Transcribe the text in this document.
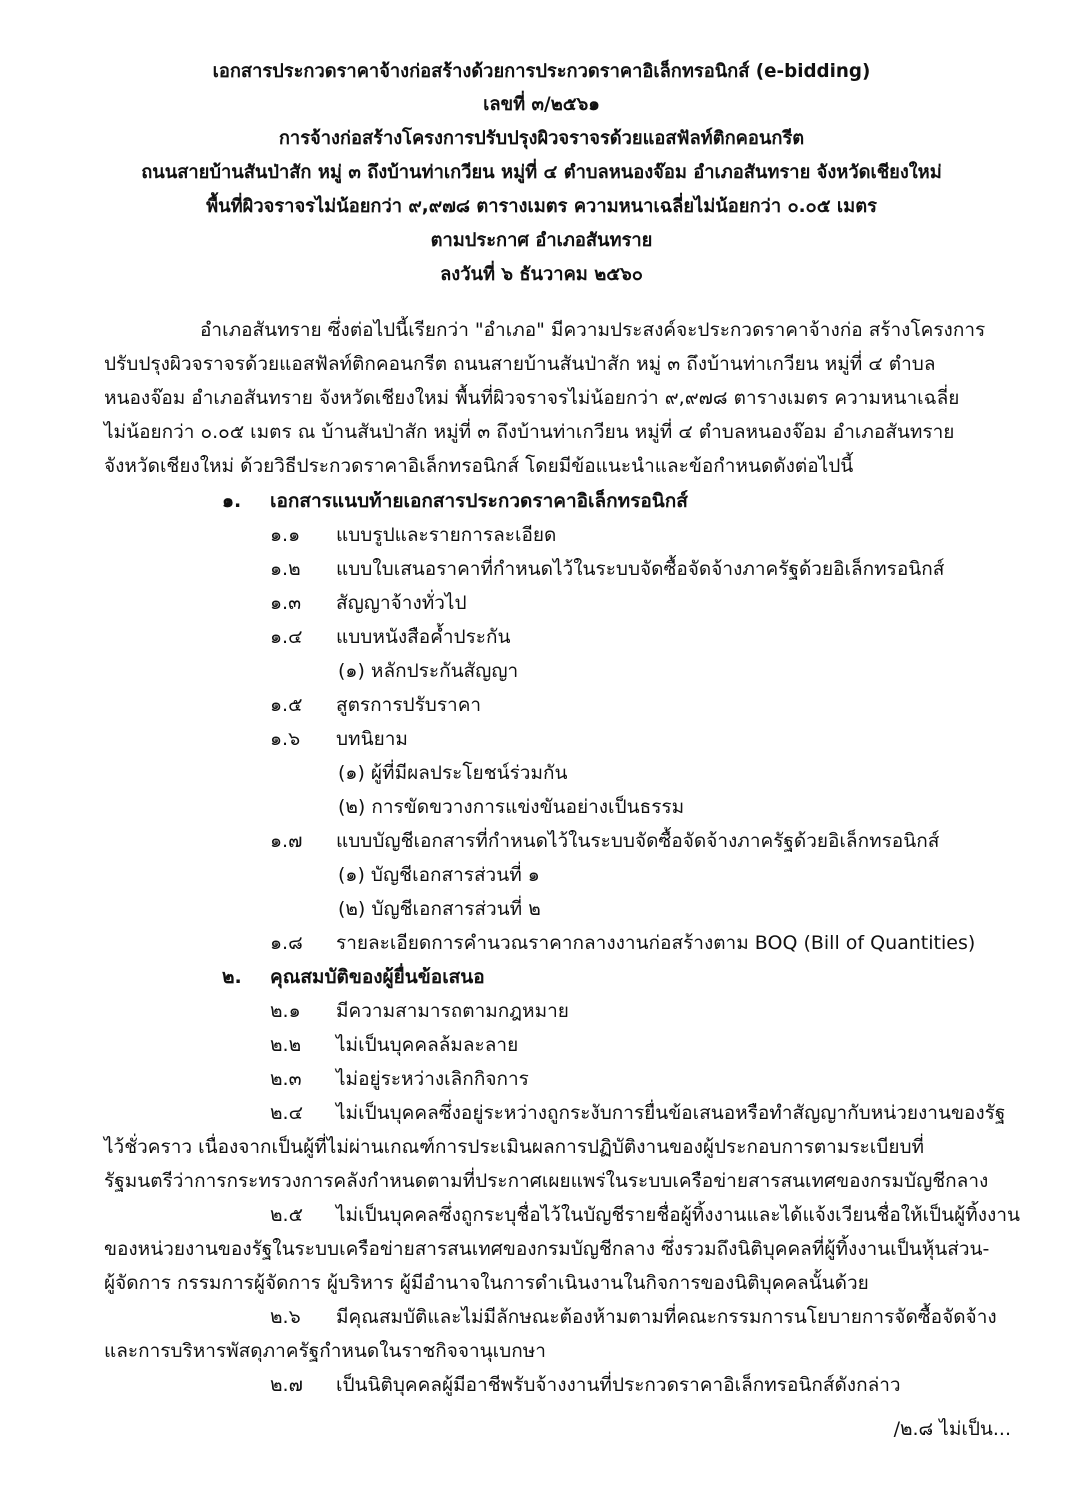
เอกสารประกวดราคาจ้างก่อสร้างด้วยการประกวดราคาอิเล็กทรอนิกส์ (e-bidding)
เลขที่ ๓/๒๕๖๑
การจ้างก่อสร้างโครงการปรับปรุงผิวจราจรด้วยแอสฟัลท์ติกคอนกรีต
ถนนสายบ้านสันป่าสัก หมู่ ๓ ถึงบ้านท่าเกวียน หมู่ที่ ๔ ตำบลหนองจ๊อม อำเภอสันทราย จังหวัดเชียงใหม่
พื้นที่ผิวจราจรไม่น้อยกว่า ๙,๙๗๘ ตารางเมตร ความหนาเฉลี่ยไม่น้อยกว่า ๐.๐๕ เมตร
ตามประกาศ อำเภอสันทราย
ลงวันที่ ๖ ธันวาคม ๒๕๖๐
อำเภอสันทราย ซึ่งต่อไปนี้เรียกว่า "อำเภอ" มีความประสงค์จะประกวดราคาจ้างก่อ สร้างโครงการ
ปรับปรุงผิวจราจรด้วยแอสฟัลท์ติกคอนกรีต ถนนสายบ้านสันป่าสัก หมู่ ๓ ถึงบ้านท่าเกวียน หมู่ที่ ๔ ตำบล
หนองจ๊อม อำเภอสันทราย จังหวัดเชียงใหม่ พื้นที่ผิวจราจรไม่น้อยกว่า ๙,๙๗๘ ตารางเมตร ความหนาเฉลี่ย
ไม่น้อยกว่า ๐.๐๕ เมตร ณ บ้านสันป่าสัก หมู่ที่ ๓ ถึงบ้านท่าเกวียน หมู่ที่ ๔ ตำบลหนองจ๊อม อำเภอสันทราย
จังหวัดเชียงใหม่ ด้วยวิธีประกวดราคาอิเล็กทรอนิกส์ โดยมีข้อแนะนำและข้อกำหนดดังต่อไปนี้
๑. เอกสารแนบท้ายเอกสารประกวดราคาอิเล็กทรอนิกส์
๑.๑ แบบรูปและรายการละเอียด
๑.๒ แบบใบเสนอราคาที่กำหนดไว้ในระบบจัดซื้อจัดจ้างภาครัฐด้วยอิเล็กทรอนิกส์
๑.๓ สัญญาจ้างทั่วไป
๑.๔ แบบหนังสือค้ำประกัน
(๑) หลักประกันสัญญา
๑.๕ สูตรการปรับราคา
๑.๖ บทนิยาม
(๑) ผู้ที่มีผลประโยชน์ร่วมกัน
(๒) การขัดขวางการแข่งขันอย่างเป็นธรรม
๑.๗ แบบบัญชีเอกสารที่กำหนดไว้ในระบบจัดซื้อจัดจ้างภาครัฐด้วยอิเล็กทรอนิกส์
(๑) บัญชีเอกสารส่วนที่ ๑
(๒) บัญชีเอกสารส่วนที่ ๒
๑.๘ รายละเอียดการคำนวณราคากลางงานก่อสร้างตาม BOQ (Bill of Quantities)
๒. คุณสมบัติของผู้ยื่นข้อเสนอ
๒.๑ มีความสามารถตามกฎหมาย
๒.๒ ไม่เป็นบุคคลล้มละลาย
๒.๓ ไม่อยู่ระหว่างเลิกกิจการ
๒.๔ ไม่เป็นบุคคลซึ่งอยู่ระหว่างถูกระงับการยื่นข้อเสนอหรือทำสัญญากับหน่วยงานของรัฐ
ไว้ชั่วคราว เนื่องจากเป็นผู้ที่ไม่ผ่านเกณฑ์การประเมินผลการปฏิบัติงานของผู้ประกอบการตามระเบียบที่
รัฐมนตรีว่าการกระทรวงการคลังกำหนดตามที่ประกาศเผยแพร่ในระบบเครือข่ายสารสนเทศของกรมบัญชีกลาง
๒.๕ ไม่เป็นบุคคลซึ่งถูกระบุชื่อไว้ในบัญชีรายชื่อผู้ทิ้งงานและได้แจ้งเวียนชื่อให้เป็นผู้ทิ้งงาน
ของหน่วยงานของรัฐในระบบเครือข่ายสารสนเทศของกรมบัญชีกลาง ซึ่งรวมถึงนิติบุคคลที่ผู้ทิ้งงานเป็นหุ้นส่วน-
ผู้จัดการ กรรมการผู้จัดการ ผู้บริหาร ผู้มีอำนาจในการดำเนินงานในกิจการของนิติบุคคลนั้นด้วย
๒.๖ มีคุณสมบัติและไม่มีลักษณะต้องห้ามตามที่คณะกรรมการนโยบายการจัดซื้อจัดจ้าง
และการบริหารพัสดุภาครัฐกำหนดในราชกิจจานุเบกษา
๒.๗ เป็นนิติบุคคลผู้มีอาชีพรับจ้างงานที่ประกวดราคาอิเล็กทรอนิกส์ดังกล่าว
/๒.๘ ไม่เป็น...
